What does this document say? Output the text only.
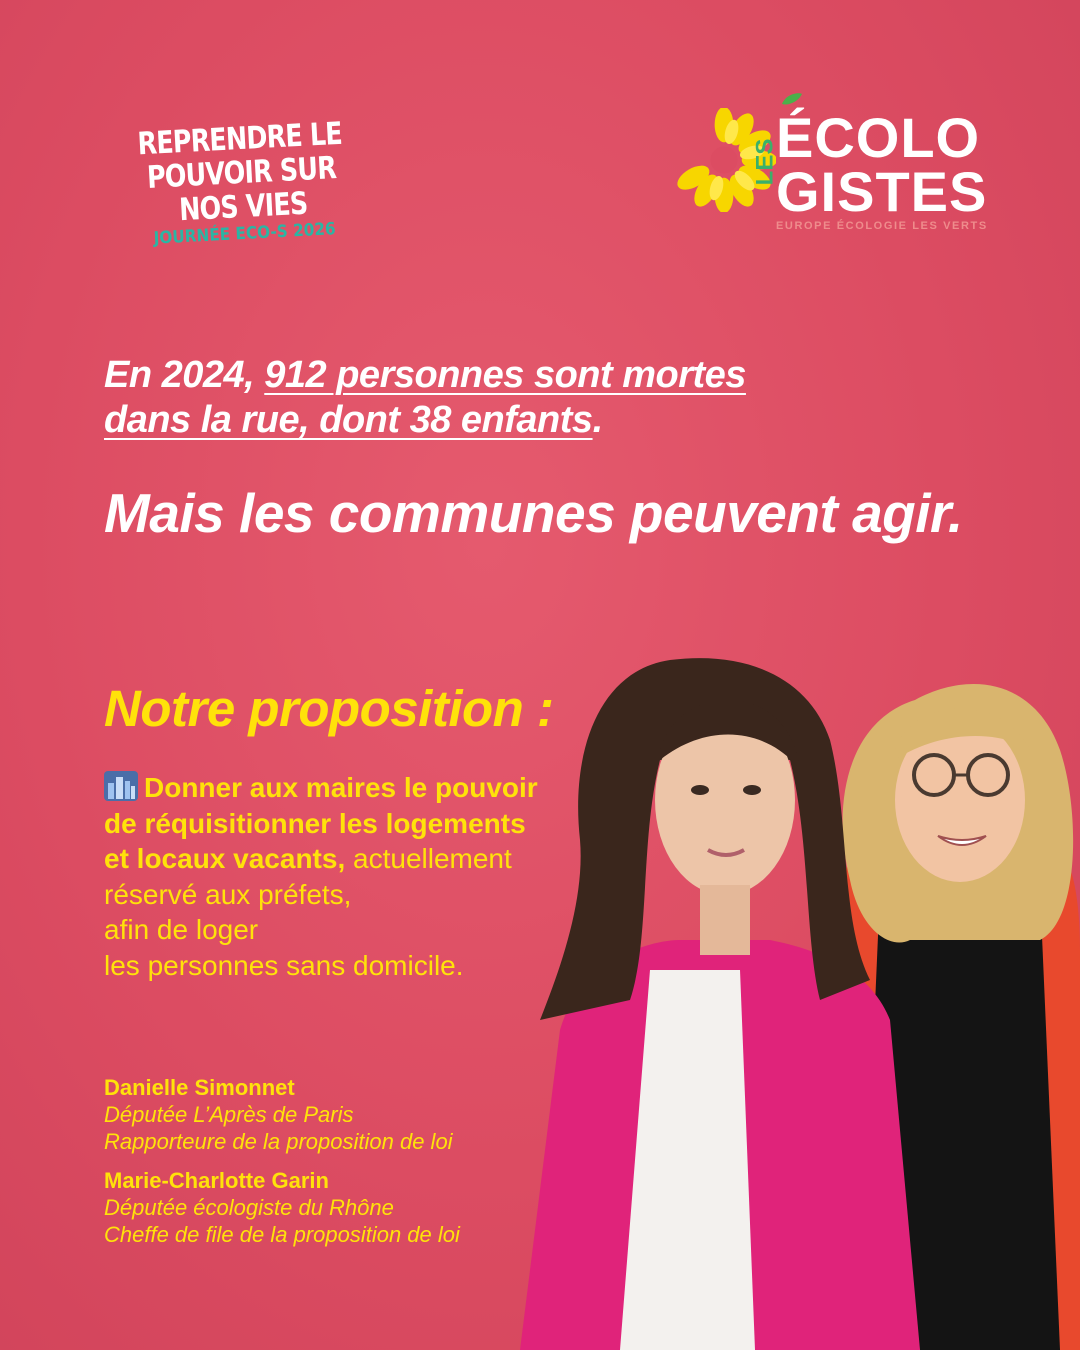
REPRENDRE LE
POUVOIR SUR NOS VIES
JOURNÉE ECO-S 2026
LES
ÉCOLO
GISTES
EUROPE ÉCOLOGIE LES VERTS

En 2024, 912 personnes sont mortes
dans la rue, dont 38 enfants.

Mais les communes peuvent agir.

Notre proposition :

Donner aux maires le pouvoir
de réquisitionner les logements
et locaux vacants, actuellement
réservé aux préfets,
afin de loger
les personnes sans domicile.

Danielle Simonnet
Députée L’Après de Paris
Rapporteure de la proposition de loi
Marie-Charlotte Garin
Députée écologiste du Rhône
Cheffe de file de la proposition de loi
